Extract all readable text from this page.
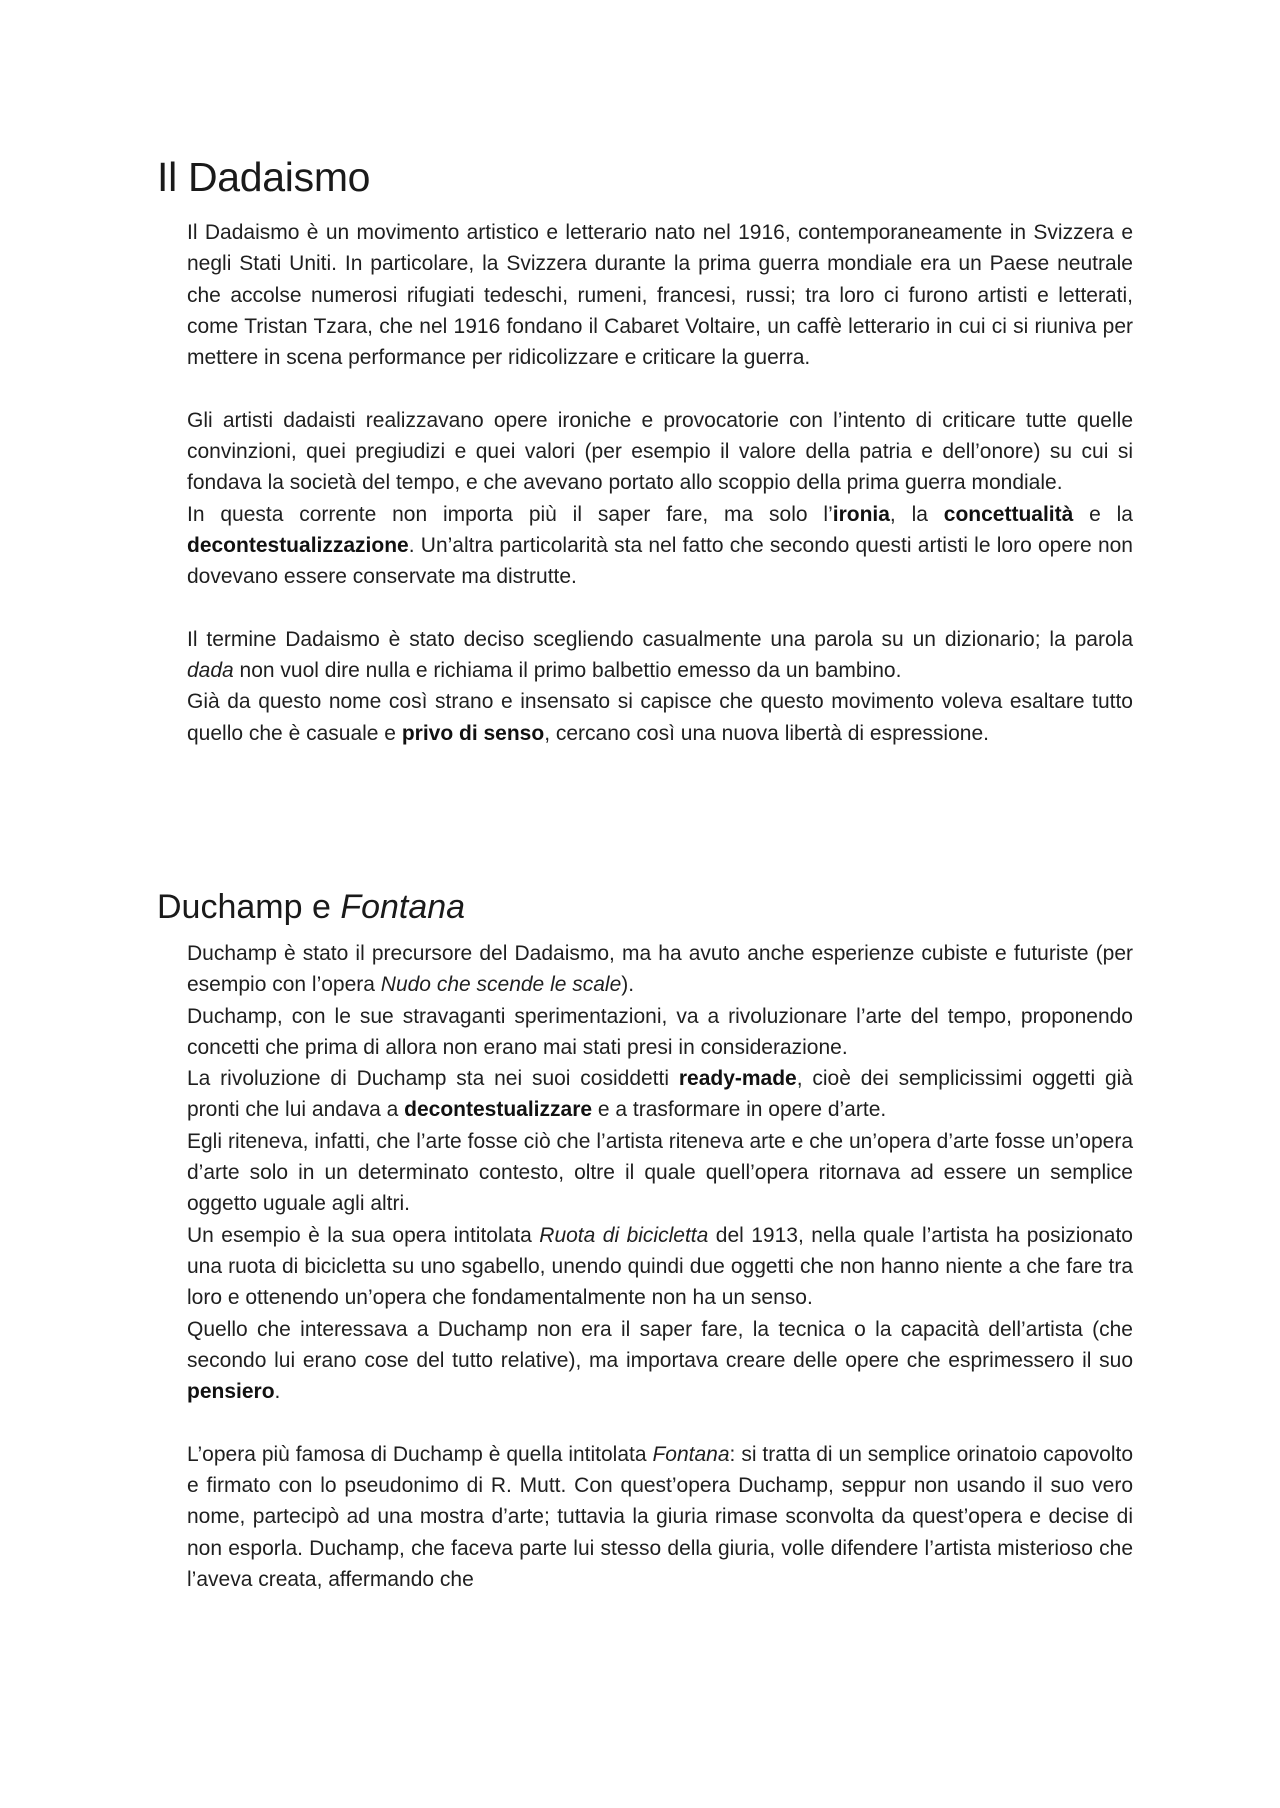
Il Dadaismo

Il Dadaismo è un movimento artistico e letterario nato nel 1916, contemporaneamente in Svizzera e negli Stati Uniti. In particolare, la Svizzera durante la prima guerra mondiale era un Paese neutrale che accolse numerosi rifugiati tedeschi, rumeni, francesi, russi; tra loro ci furono artisti e letterati, come Tristan Tzara, che nel 1916 fondano il Cabaret Voltaire, un caffè letterario in cui ci si riuniva per mettere in scena performance per ridicolizzare e criticare la guerra.

Gli artisti dadaisti realizzavano opere ironiche e provocatorie con l’intento di criticare tutte quelle convinzioni, quei pregiudizi e quei valori (per esempio il valore della patria e dell’onore) su cui si fondava la società del tempo, e che avevano portato allo scoppio della prima guerra mondiale.

In questa corrente non importa più il saper fare, ma solo l’ironia, la concettualità e la decontestualizzazione. Un’altra particolarità sta nel fatto che secondo questi artisti le loro opere non dovevano essere conservate ma distrutte.

Il termine Dadaismo è stato deciso scegliendo casualmente una parola su un dizionario; la parola dada non vuol dire nulla e richiama il primo balbettio emesso da un bambino.

Già da questo nome così strano e insensato si capisce che questo movimento voleva esaltare tutto quello che è casuale e privo di senso, cercano così una nuova libertà di espressione.

Duchamp e Fontana

Duchamp è stato il precursore del Dadaismo, ma ha avuto anche esperienze cubiste e futuriste (per esempio con l’opera Nudo che scende le scale).

Duchamp, con le sue stravaganti sperimentazioni, va a rivoluzionare l’arte del tempo, proponendo concetti che prima di allora non erano mai stati presi in considerazione.

La rivoluzione di Duchamp sta nei suoi cosiddetti ready-made, cioè dei semplicissimi oggetti già pronti che lui andava a decontestualizzare e a trasformare in opere d’arte.

Egli riteneva, infatti, che l’arte fosse ciò che l’artista riteneva arte e che un’opera d’arte fosse un’opera d’arte solo in un determinato contesto, oltre il quale quell’opera ritornava ad essere un semplice oggetto uguale agli altri.

Un esempio è la sua opera intitolata Ruota di bicicletta del 1913, nella quale l’artista ha posizionato una ruota di bicicletta su uno sgabello, unendo quindi due oggetti che non hanno niente a che fare tra loro e ottenendo un’opera che fondamentalmente non ha un senso.

Quello che interessava a Duchamp non era il saper fare, la tecnica o la capacità dell’artista (che secondo lui erano cose del tutto relative), ma importava creare delle opere che esprimessero il suo pensiero.

L’opera più famosa di Duchamp è quella intitolata Fontana: si tratta di un semplice orinatoio capovolto e firmato con lo pseudonimo di R. Mutt. Con quest’opera Duchamp, seppur non usando il suo vero nome, partecipò ad una mostra d’arte; tuttavia la giuria rimase sconvolta da quest’opera e decise di non esporla. Duchamp, che faceva parte lui stesso della giuria, volle difendere l’artista misterioso che l’aveva creata, affermando che
